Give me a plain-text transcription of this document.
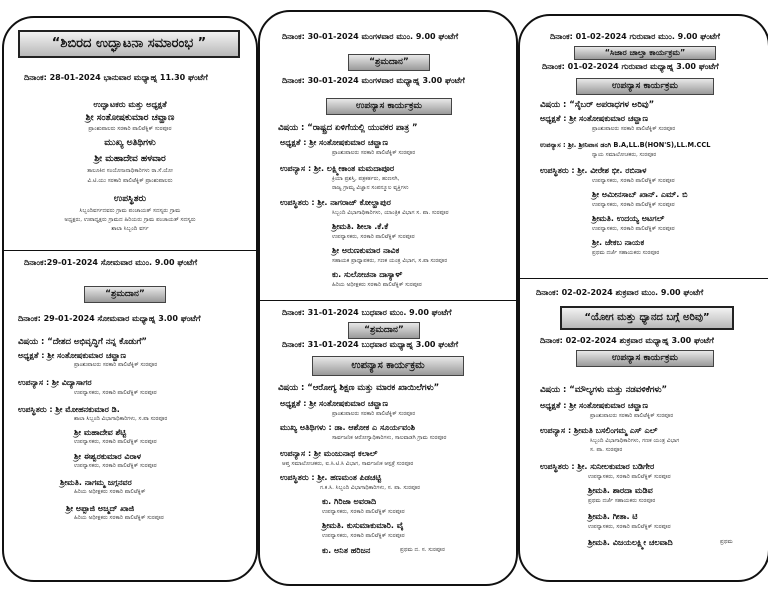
“ಶಿಬಿರದ ಉದ್ಘಾಟನಾ ಸಮಾರಂಭ ”
ದಿನಾಂಕ: 28-01-2024 ಭಾನುವಾರ ಮಧ್ಯಾಹ್ನ 11.30 ಘಂಟೆಗೆ
ಉದ್ಘಾಟಕರು ಮತ್ತು ಅಧ್ಯಕ್ಷತೆ
ಶ್ರೀ ಸಂತೋಷಕುಮಾರ ಚವ್ಹಾಣ
ಪ್ರಾಂಶುಪಾಲರು ಸರಕಾರಿ ಪಾಲಿಟೆಕ್ನಿಕ್ ಸುರಪೂರ
ಮುಖ್ಯ ಅತಿಥಿಗಳು
ಶ್ರೀ ಮಹಾದೇವ ಹಳವಾರ
ತಾಲೂಕಿನ ಸಂಯೋಜನಾಧಿಕಾರಿಗಳು ರಾ.ಸೆ.ಯೋ
ವಿ.ಟಿ.ಯು ಸರಕಾರಿ ಪಾಲಿಟೆಕ್ನಿಕ್ ಪ್ರಾಂಶುಪಾಲರು
ಉಪಸ್ಥಿತರು
ಸಿಬ್ಬಂದಿವರ್ಗದವರು ಗ್ರಾಮ ಪಂಚಾಯತ್ ಸದಸ್ಯರು ಗ್ರಾಮ
ಅಧ್ಯಕ್ಷರು, ಉಪಾಧ್ಯಕ್ಷರು ಗ್ರಾಮದ ಹಿರಿಯರು ಗ್ರಾಮ ಪಂಚಾಯತ್ ಸದಸ್ಯರು
ಶಾಲಾ ಸಿಬ್ಬಂದಿ ವರ್ಗ
ದಿನಾಂಕ:29-01-2024 ಸೋಮವಾರ ಮುಂ. 9.00 ಘಂಟೆಗೆ
“ಶ್ರಮದಾನ”
ದಿನಾಂಕ: 29-01-2024 ಸೋಮವಾರ ಮಧ್ಯಾಹ್ನ 3.00 ಘಂಟೆಗೆ
ವಿಷಯ : “ದೇಶದ ಅಭಿವೃದ್ಧಿಗೆ ನನ್ನ ಕೊಡುಗೆ”
ಅಧ್ಯಕ್ಷತೆ : ಶ್ರೀ ಸಂತೋಷಕುಮಾರ ಚವ್ಹಾಣ
ಪ್ರಾಂಶುಪಾಲರು ಸರಕಾರಿ ಪಾಲಿಟೆಕ್ನಿಕ್ ಸುರಪೂರ
ಉಪನ್ಯಾಸ : ಶ್ರೀ ವಿದ್ಯಾಸಾಗರ
ಉಪನ್ಯಾಸಕರು, ಸರಕಾರಿ ಪಾಲಿಟೆಕ್ನಿಕ್ ಸುರಪೂರ
ಉಪಸ್ಥಿತರು : ಶ್ರೀ ಮೋಹನಕುಮಾರ ಡಿ.
ಶಾಲಾ ಸಿಬ್ಬಂದಿ ವಿಭಾಗಾಧಿಕಾರಿಗಳು, ಸ.ಪಾ ಸುರಪೂರ
ಶ್ರೀ ಮಹಾದೇವ ಶೆಟ್ಟಿ
ಉಪನ್ಯಾಸಕರು, ಸರಕಾರಿ ಪಾಲಿಟೆಕ್ನಿಕ್ ಸುರಪೂರ
ಶ್ರೀ ಈಶ್ವರಕುಮಾರ ವಿರಾಳ
ಉಪನ್ಯಾಸಕರು, ಸರಕಾರಿ ಪಾಲಿಟೆಕ್ನಿಕ್ ಸುರಪೂರ
ಶ್ರೀಮತಿ. ನಾಗಮ್ಮ ಜಗ್ಗನವರ
ಹಿರಿಯ ಅಧೀಕ್ಷಕರು ಸರಕಾರಿ ಪಾಲಿಟೆಕ್ನಿಕ್
ಶ್ರೀ ಅಪ್ಪಾಜಿ ಅಜ್ಮದ್ ಖಾಜಿ
ಹಿರಿಯ ಅಧೀಕ್ಷಕರು ಸರಕಾರಿ ಪಾಲಿಟೆಕ್ನಿಕ್ ಸುರಪೂರ
ದಿನಾಂಕ: 30-01-2024 ಮಂಗಳವಾರ ಮುಂ. 9.00 ಘಂಟೆಗೆ
“ಶ್ರಮದಾನ”
ದಿನಾಂಕ: 30-01-2024 ಮಂಗಳವಾರ ಮಧ್ಯಾಹ್ನ 3.00 ಘಂಟೆಗೆ
ಉಪನ್ಯಾಸ ಕಾರ್ಯಕ್ರಮ
ವಿಷಯ : “ರಾಷ್ಟ್ರದ ಏಳಿಗೆಯಲ್ಲಿ ಯುವಕರ ಪಾತ್ರ ”
ಅಧ್ಯಕ್ಷತೆ : ಶ್ರೀ ಸಂತೋಷಕುಮಾರ ಚವ್ಹಾಣ
ಪ್ರಾಂಶುಪಾಲರು ಸರಕಾರಿ ಪಾಲಿಟೆಕ್ನಿಕ್ ಸುರಪೂರ
ಉಪನ್ಯಾಸ : ಶ್ರೀ. ಲಕ್ಷ್ಮೀಕಾಂತ ಮಮದಾಪೂರ
ಕ್ರಿಯಾ ಪ್ರಶಸ್ತಿ, ಪತ್ರಕರ್ತರು, ಹುಣಸಗಿ,
ರಾಜ್ಯ ಗ್ರಾಮ್ಯ ವಿಜ್ಞಾನ ಸಂಪನ್ಮೂಲ ವ್ಯಕ್ತಿಗಳು
ಉಪಸ್ಥಿತರು : ಶ್ರೀ. ನಾಗರಾಜ್ ಕೋಲ್ಹಾಪುರ
ಸಿಬ್ಬಂದಿ ವಿಭಾಗಾಧಿಕಾರಿಗಳು, ಯಾಂತ್ರಿಕ ವಿಭಾಗ ಸ. ಪಾ. ಸುರಪೂರ
ಶ್ರೀಮತಿ. ಶೀಲಾ .ಕೆ.ಕೆ
ಉಪನ್ಯಾಸಕರು, ಸರಕಾರಿ ಪಾಲಿಟೆಕ್ನಿಕ್ ಸುರಪೂರ
ಶ್ರೀ ಅರುಣಕುಮಾರ ನಾವಿಕ
ಸಹಾಯಕ ಪ್ರಾಧ್ಯಾಪಕರು, ಗಣಕ ಯಂತ್ರ ವಿಭಾಗ, ಸ.ಪಾ ಸುರಪೂರ
ಕು. ಸುಲೋಚನಾ ದಾಸ್ಯಾಳ್
ಹಿರಿಯ ಅಧೀಕ್ಷಕರು ಸರಕಾರಿ ಪಾಲಿಟೆಕ್ನಿಕ್ ಸುರಪೂರ
ದಿನಾಂಕ: 31-01-2024 ಬುಧವಾರ ಮುಂ. 9.00 ಘಂಟೆಗೆ
“ಶ್ರಮದಾನ”
ದಿನಾಂಕ: 31-01-2024 ಬುಧವಾರ ಮಧ್ಯಾಹ್ನ 3.00 ಘಂಟೆಗೆ
ಉಪನ್ಯಾಸ ಕಾರ್ಯಕ್ರಮ
ವಿಷಯ : “ಆರೋಗ್ಯ ಶಿಕ್ಷಣ ಮತ್ತು ಮಾರಕ ಖಾಯಿಲೆಗಳು”
ಅಧ್ಯಕ್ಷತೆ : ಶ್ರೀ ಸಂತೋಷಕುಮಾರ ಚವ್ಹಾಣ
ಪ್ರಾಂಶುಪಾಲರು ಸರಕಾರಿ ಪಾಲಿಟೆಕ್ನಿಕ್ ಸುರಪೂರ
ಮುಖ್ಯ ಅತಿಥಿಗಳು : ಡಾ. ಆಶೋಕ ಎ ಸೂರ್ಯವಂಶಿ
ಸಾರ್ವಜನಿಕ ಆರೋಗ್ಯಾಧಿಕಾರಿಗಳು, ಸಾಲವಾಡಗಿ ಗ್ರಾಮ ಸುರಪೂರ
ಉಪನ್ಯಾಸ : ಶ್ರೀ ಮಂಜುನಾಥ ಕಲಾಲ್
ಆಪ್ತ ಸಮಾಲೋಚಕರು, ಐ.ಸಿ.ಟಿ.ಸಿ ವಿಭಾಗ, ಸಾರ್ವಜನಿಕ ಆಸ್ಪತ್ರೆ ಸುರಪೂರ
ಉಪಸ್ಥಿತರು : ಶ್ರೀ. ಹಣಮಂತ ಪಿಡಚಟ್ಟಿ
ಗ.ಕ.ಸಿ. ಸಿಬ್ಬಂದಿ ವಿಭಾಗಾಧಿಕಾರಿಗಳು, ಸ. ಪಾ. ಸುರಪೂರ
ಕು. ಗಿರಿಜಾ ಅವರಾದಿ
ಉಪನ್ಯಾಸಕರು, ಸರಕಾರಿ ಪಾಲಿಟೆಕ್ನಿಕ್ ಸುರಪೂರ
ಶ್ರೀಮತಿ. ಕುಸುಮಾಕುಮಾರಿ. ವೈ
ಉಪನ್ಯಾಸಕರು, ಸರಕಾರಿ ಪಾಲಿಟೆಕ್ನಿಕ್ ಸುರಪೂರ
ಕು. ಅನಿತ ಹರಿಜನ	ಪ್ರಥಮ ದ. ಸ. ಸುರಪೂರ
ದಿನಾಂಕ: 01-02-2024 ಗುರುವಾರ ಮುಂ. 9.00 ಘಂಟೆಗೆ
“ಸಿಜಾರ ಚಾಲ್ತಾ ಕಾರ್ಯಕ್ರಮ”
ದಿನಾಂಕ: 01-02-2024 ಗುರುವಾರ ಮಧ್ಯಾಹ್ನ 3.00 ಘಂಟೆಗೆ
ಉಪನ್ಯಾಸ ಕಾರ್ಯಕ್ರಮ
ವಿಷಯ : “ಸೈಬರ್ ಅಪರಾಧಗಳ ಅರಿವು”
ಅಧ್ಯಕ್ಷತೆ : ಶ್ರೀ ಸಂತೋಷಕುಮಾರ ಚವ್ಹಾಣ
ಪ್ರಾಂಶುಪಾಲರು ಸರಕಾರಿ ಪಾಲಿಟೆಕ್ನಿಕ್ ಸುರಪೂರ
ಉಪನ್ಯಾಸ : ಶ್ರೀ. ಶ್ರೀನಿವಾಸ ಡಂಗಿ B.A,LL.B(HON'S),LL.M.CCL
ನ್ಯಾಯ ಸಮಾಲೋಚಕರು, ಸುರಪೂರ
ಉಪಸ್ಥಿತರು : ಶ್ರೀ. ವೀರೇಶ ಭೀ. ರಬಿನಾಳ
ಉಪನ್ಯಾಸಕರು, ಸರಕಾರಿ ಪಾಲಿಟೆಕ್ನಿಕ್ ಸುರಪೂರ
ಶ್ರೀ ಅಮೀನಸಾಬ್ ಖಾನ್. ಎಮ್. ಬಿ
ಉಪನ್ಯಾಸಕರು, ಸರಕಾರಿ ಪಾಲಿಟೆಕ್ನಿಕ್ ಸುರಪೂರ
ಶ್ರೀಮತಿ. ಉದಯ್ಯ ಅಟಗಲ್
ಉಪನ್ಯಾಸಕರು, ಸರಕಾರಿ ಪಾಲಿಟೆಕ್ನಿಕ್ ಸುರಪೂರ
ಶ್ರೀ. ಜೇಕಬ ನಾಯಕ
ಪ್ರಥಮ ದರ್ಜೆ ಸಹಾಯಕರು ಸುರಪೂರ
ದಿನಾಂಕ: 02-02-2024 ಶುಕ್ರವಾರ ಮುಂ. 9.00 ಘಂಟೆಗೆ
“ಯೋಗ ಮತ್ತು ಧ್ಯಾನದ ಬಗ್ಗೆ ಅರಿವು”
ದಿನಾಂಕ: 02-02-2024 ಶುಕ್ರವಾರ ಮಧ್ಯಾಹ್ನ 3.00 ಘಂಟೆಗೆ
ಉಪನ್ಯಾಸ ಕಾರ್ಯಕ್ರಮ
ವಿಷಯ : “ಮೌಲ್ಯಗಳು ಮತ್ತು ನಡವಳಿಕೆಗಳು”
ಅಧ್ಯಕ್ಷತೆ : ಶ್ರೀ ಸಂತೋಷಕುಮಾರ ಚವ್ಹಾಣ
ಪ್ರಾಂಶುಪಾಲರು ಸರಕಾರಿ ಪಾಲಿಟೆಕ್ನಿಕ್ ಸುರಪೂರ
ಉಪನ್ಯಾಸ : ಶ್ರೀಮತಿ ಬಸಲಿಂಗಮ್ಮ ಎಸ್ ಎಲ್
ಸಿಬ್ಬಂದಿ ವಿಭಾಗಾಧಿಕಾರಿಗಳು, ಗಣಕ ಯಂತ್ರ ವಿಭಾಗ
ಸ. ಪಾ. ಸುರಪೂರ
ಉಪಸ್ಥಿತರು : ಶ್ರೀ. ಸುನೀಲಕುಮಾರ ಬಡಿಗೇರ
ಉಪನ್ಯಾಸಕರು, ಸರಕಾರಿ ಪಾಲಿಟೆಕ್ನಿಕ್ ಸುರಪೂರ
ಶ್ರೀಮತಿ. ಶಾರದಾ ಮಡಿವ
ಪ್ರಥಮ ದರ್ಜೆ ಸಹಾಯಕರು ಸುರಪೂರ
ಶ್ರೀಮತಿ. ಗೀತಾ. ಟಿ
ಉಪನ್ಯಾಸಕರು, ಸರಕಾರಿ ಪಾಲಿಟೆಕ್ನಿಕ್ ಸುರಪೂರ
ಶ್ರೀಮತಿ. ವಿಜಯಲಕ್ಷ್ಮೀ ಚಲವಾದಿ	ಪ್ರಥಮ
